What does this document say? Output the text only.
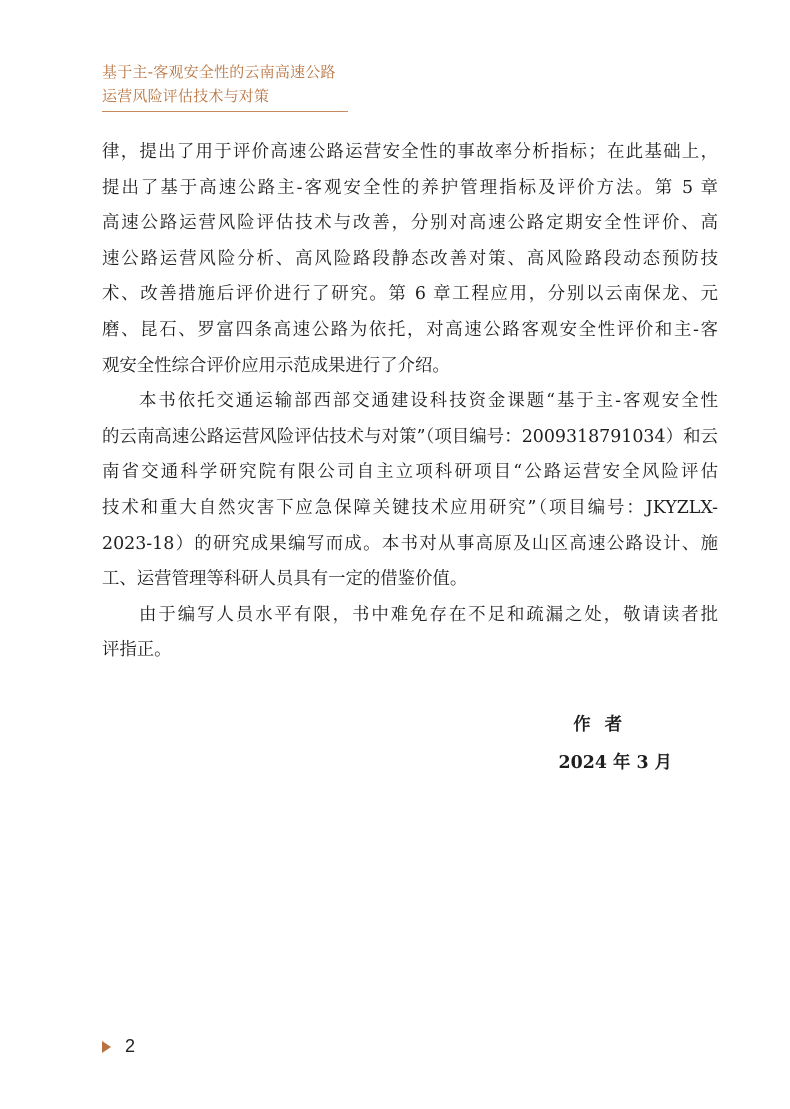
基于主-客观安全性的云南高速公路
运营风险评估技术与对策
律，提出了用于评价高速公路运营安全性的事故率分析指标；在此基础上，
提出了基于高速公路主-客观安全性的养护管理指标及评价方法。第 5 章
高速公路运营风险评估技术与改善，分别对高速公路定期安全性评价、高
速公路运营风险分析、高风险路段静态改善对策、高风险路段动态预防技
术、改善措施后评价进行了研究。第 6 章工程应用，分别以云南保龙、元
磨、昆石、罗富四条高速公路为依托，对高速公路客观安全性评价和主-客
观安全性综合评价应用示范成果进行了介绍。
本书依托交通运输部西部交通建设科技资金课题“基于主-客观安全性
的云南高速公路运营风险评估技术与对策”（项目编号：2009318791034）和云
南省交通科学研究院有限公司自主立项科研项目“公路运营安全风险评估
技术和重大自然灾害下应急保障关键技术应用研究”（项目编号：JKYZLX-
2023-18）的研究成果编写而成。本书对从事高原及山区高速公路设计、施
工、运营管理等科研人员具有一定的借鉴价值。
由于编写人员水平有限，书中难免存在不足和疏漏之处，敬请读者批
评指正。
作者
2024 年 3 月
2
